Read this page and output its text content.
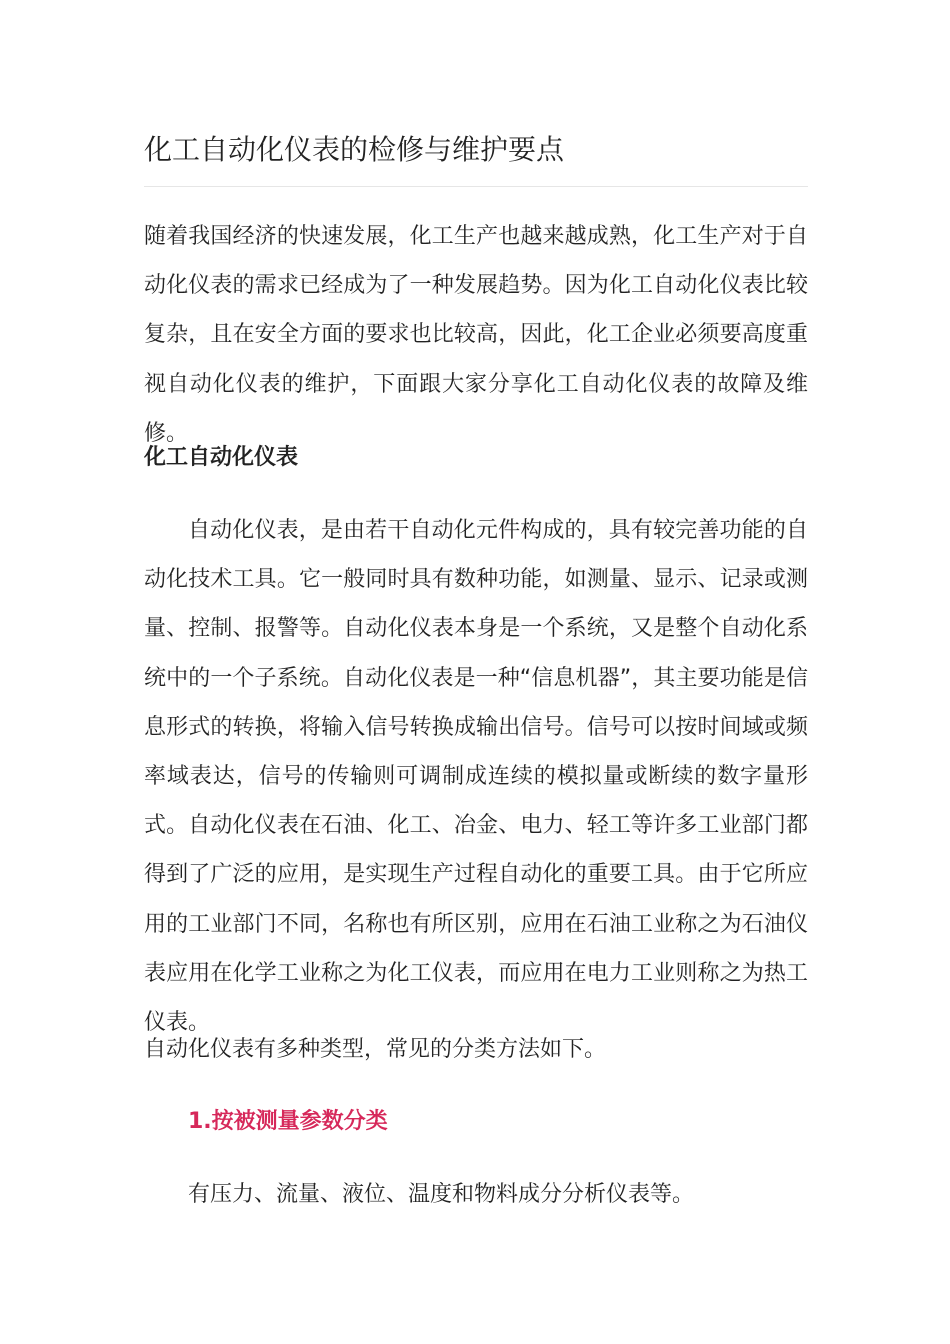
化工自动化仪表的检修与维护要点

随着我国经济的快速发展，化工生产也越来越成熟，化工生产对于自动化仪表的需求已经成为了一种发展趋势。因为化工自动化仪表比较复杂，且在安全方面的要求也比较高，因此，化工企业必须要高度重视自动化仪表的维护，下面跟大家分享化工自动化仪表的故障及维修。

化工自动化仪表

自动化仪表，是由若干自动化元件构成的，具有较完善功能的自动化技术工具。它一般同时具有数种功能，如测量、显示、记录或测量、控制、报警等。自动化仪表本身是一个系统，又是整个自动化系统中的一个子系统。自动化仪表是一种“信息机器”，其主要功能是信息形式的转换，将输入信号转换成输出信号。信号可以按时间域或频率域表达，信号的传输则可调制成连续的模拟量或断续的数字量形式。自动化仪表在石油、化工、冶金、电力、轻工等许多工业部门都得到了广泛的应用，是实现生产过程自动化的重要工具。由于它所应用的工业部门不同，名称也有所区别，应用在石油工业称之为石油仪表应用在化学工业称之为化工仪表，而应用在电力工业则称之为热工仪表。

自动化仪表有多种类型，常见的分类方法如下。

1.按被测量参数分类

有压力、流量、液位、温度和物料成分分析仪表等。
